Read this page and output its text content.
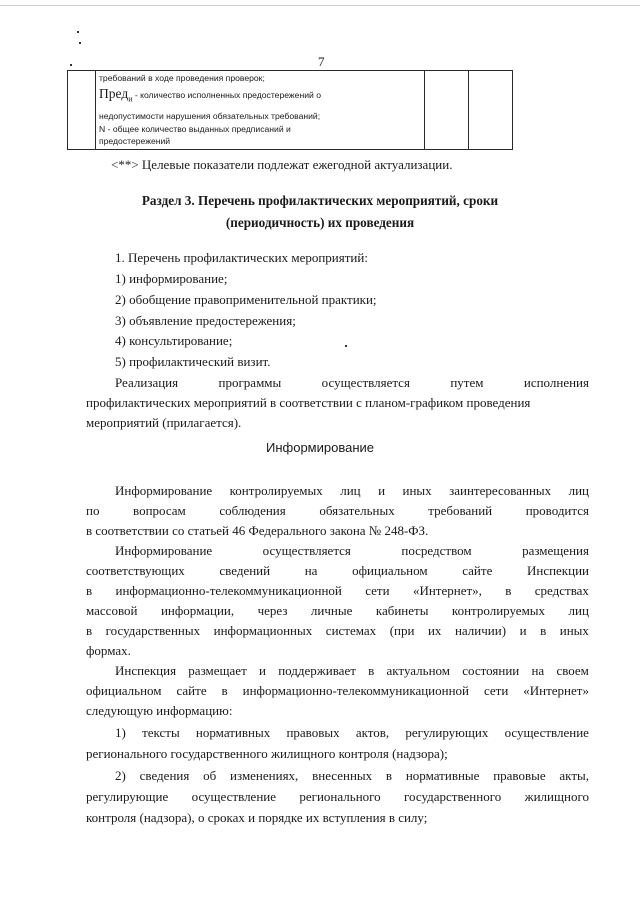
7

требований в ходе проведения проверок;
Пред$_и$ - количество исполненных предостережений о
недопустимости нарушения обязательных требований;
N - общее количество выданных предписаний и
предостережений

<**> Целевые показатели подлежат ежегодной актуализации.
Раздел 3. Перечень профилактических мероприятий, сроки
(периодичность) их проведения
1. Перечень профилактических мероприятий:
1) информирование;
2) обобщение правоприменительной практики;
3) объявление предостережения;
4) консультирование;
5) профилактический визит.
Реализация	программы	осуществляется	путем	исполнения
профилактических мероприятий в соответствии с планом-графиком проведения
мероприятий (прилагается).
Информирование
Информирование контролируемых лиц и иных заинтересованных лиц
по	вопросам	соблюдения	обязательных	требований	проводится
в соответствии со статьей 46 Федерального закона № 248-ФЗ.
Информирование	осуществляется	посредством	размещения
соответствующих	сведений	на	официальном	сайте	Инспекции
в информационно-телекоммуникационной сети «Интернет», в средствах
массовой информации, через личные кабинеты контролируемых лиц
в государственных информационных системах (при их наличии) и в иных
формах.
Инспекция размещает и поддерживает в актуальном состоянии на своем
официальном сайте в информационно-телекоммуникационной сети «Интернет»
следующую информацию:
1) тексты нормативных правовых актов, регулирующих осуществление
регионального государственного жилищного контроля (надзора);
2) сведения об изменениях, внесенных в нормативные правовые акты,
регулирующие осуществление регионального государственного жилищного
контроля (надзора), о сроках и порядке их вступления в силу;
